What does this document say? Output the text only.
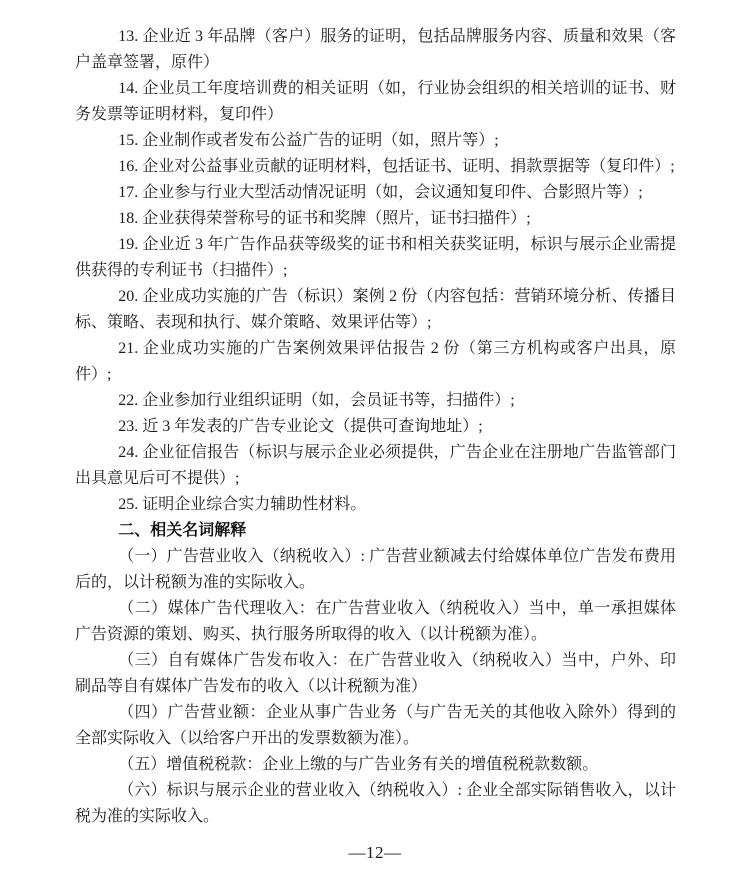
13. 企业近 3 年品牌（客户）服务的证明，包括品牌服务内容、质量和效果（客户盖章签署，原件）

14. 企业员工年度培训费的相关证明（如，行业协会组织的相关培训的证书、财务发票等证明材料，复印件）

15. 企业制作或者发布公益广告的证明（如，照片等）;

16. 企业对公益事业贡献的证明材料，包括证书、证明、捐款票据等（复印件）;

17. 企业参与行业大型活动情况证明（如，会议通知复印件、合影照片等）;

18. 企业获得荣誉称号的证书和奖牌（照片，证书扫描件）;

19. 企业近 3 年广告作品获等级奖的证书和相关获奖证明，标识与展示企业需提供获得的专利证书（扫描件）;

20. 企业成功实施的广告（标识）案例 2 份（内容包括：营销环境分析、传播目标、策略、表现和执行、媒介策略、效果评估等）;

21. 企业成功实施的广告案例效果评估报告 2 份（第三方机构或客户出具，原件）;

22. 企业参加行业组织证明（如，会员证书等，扫描件）;

23. 近 3 年发表的广告专业论文（提供可查询地址）;

24. 企业征信报告（标识与展示企业必须提供，广告企业在注册地广告监管部门出具意见后可不提供）;

25. 证明企业综合实力辅助性材料。

二、相关名词解释

（一）广告营业收入（纳税收入）: 广告营业额减去付给媒体单位广告发布费用后的，以计税额为准的实际收入。

（二）媒体广告代理收入：在广告营业收入（纳税收入）当中，单一承担媒体广告资源的策划、购买、执行服务所取得的收入（以计税额为准）。

（三）自有媒体广告发布收入：在广告营业收入（纳税收入）当中，户外、印刷品等自有媒体广告发布的收入（以计税额为准）

（四）广告营业额：企业从事广告业务（与广告无关的其他收入除外）得到的全部实际收入（以给客户开出的发票数额为准）。

（五）增值税税款：企业上缴的与广告业务有关的增值税税款数额。

（六）标识与展示企业的营业收入（纳税收入）: 企业全部实际销售收入，以计税为准的实际收入。

—12—
